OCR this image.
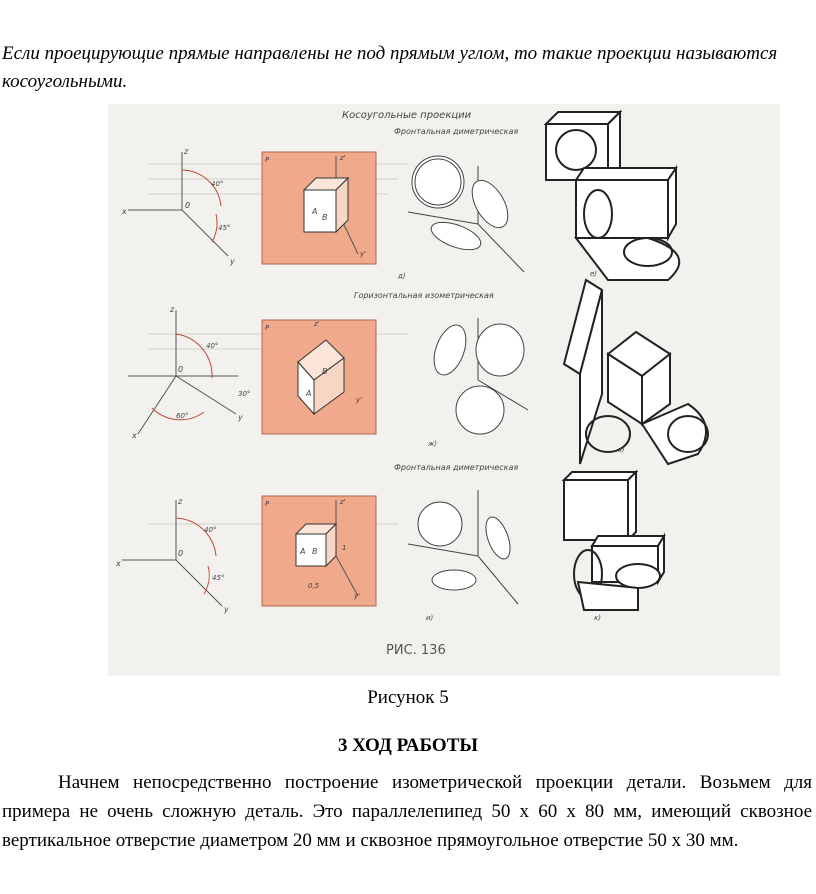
Если проецирующие прямые направлены не под прямым углом, то такие проекции называются косоугольными.
Косоугольные проекции
Фронтальная диметрическая
Горизонтальная изометрическая
Фронтальная диметрическая
z
x
y
0
40°
45°
P	z'
y'
A
B
д)	е)
z
x
y
0
40°
30°
60°
P	z'
y'
A
B
ж)
з)
z
x
y
0
40°
45°
P	z'
y'
A B
0,5
1
и)	к)
РИС. 136
Рисунок 5
3 ХОД РАБОТЫ

Начнем непосредственно построение изометрической проекции детали. Возьмем для примера не очень сложную деталь. Это параллелепипед 50 х 60 х 80 мм, имеющий сквозное вертикальное отверстие диаметром 20 мм и сквозное прямоугольное отверстие 50 х 30 мм.
